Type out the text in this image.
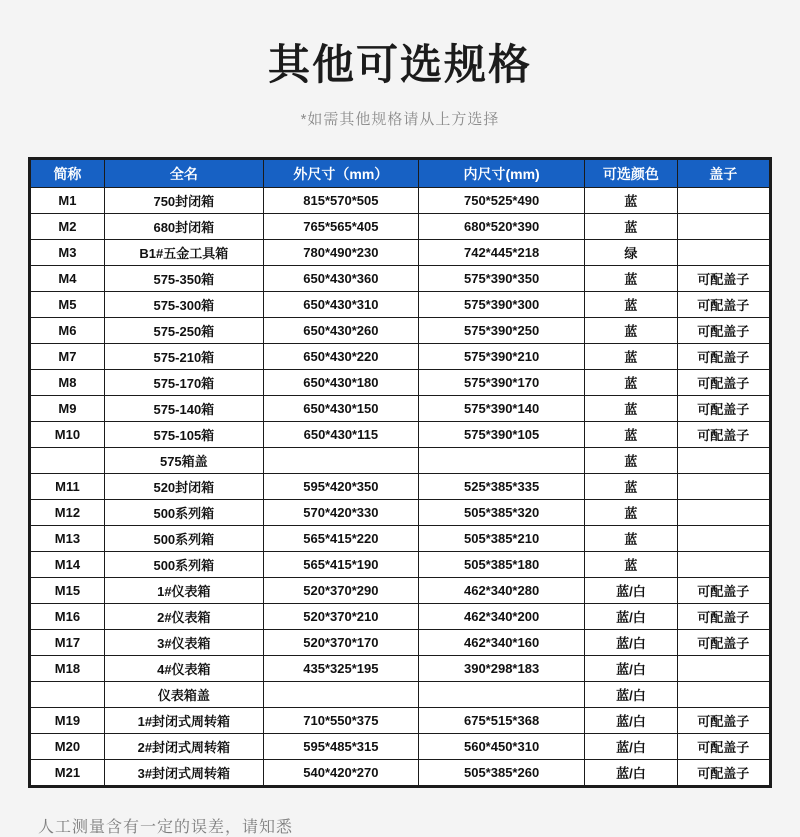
其他可选规格
*如需其他规格请从上方选择
简称	全名	外尺寸（mm）	内尺寸(mm)	可选颜色	盖子
M1	750封闭箱	815*570*505	750*525*490	蓝	
M2	680封闭箱	765*565*405	680*520*390	蓝	
M3	B1#五金工具箱	780*490*230	742*445*218	绿	
M4	575-350箱	650*430*360	575*390*350	蓝	可配盖子
M5	575-300箱	650*430*310	575*390*300	蓝	可配盖子
M6	575-250箱	650*430*260	575*390*250	蓝	可配盖子
M7	575-210箱	650*430*220	575*390*210	蓝	可配盖子
M8	575-170箱	650*430*180	575*390*170	蓝	可配盖子
M9	575-140箱	650*430*150	575*390*140	蓝	可配盖子
M10	575-105箱	650*430*115	575*390*105	蓝	可配盖子
	575箱盖			蓝	
M11	520封闭箱	595*420*350	525*385*335	蓝	
M12	500系列箱	570*420*330	505*385*320	蓝	
M13	500系列箱	565*415*220	505*385*210	蓝	
M14	500系列箱	565*415*190	505*385*180	蓝	
M15	1#仪表箱	520*370*290	462*340*280	蓝/白	可配盖子
M16	2#仪表箱	520*370*210	462*340*200	蓝/白	可配盖子
M17	3#仪表箱	520*370*170	462*340*160	蓝/白	可配盖子
M18	4#仪表箱	435*325*195	390*298*183	蓝/白	
	仪表箱盖			蓝/白	
M19	1#封闭式周转箱	710*550*375	675*515*368	蓝/白	可配盖子
M20	2#封闭式周转箱	595*485*315	560*450*310	蓝/白	可配盖子
M21	3#封闭式周转箱	540*420*270	505*385*260	蓝/白	可配盖子
人工测量含有一定的误差，请知悉
